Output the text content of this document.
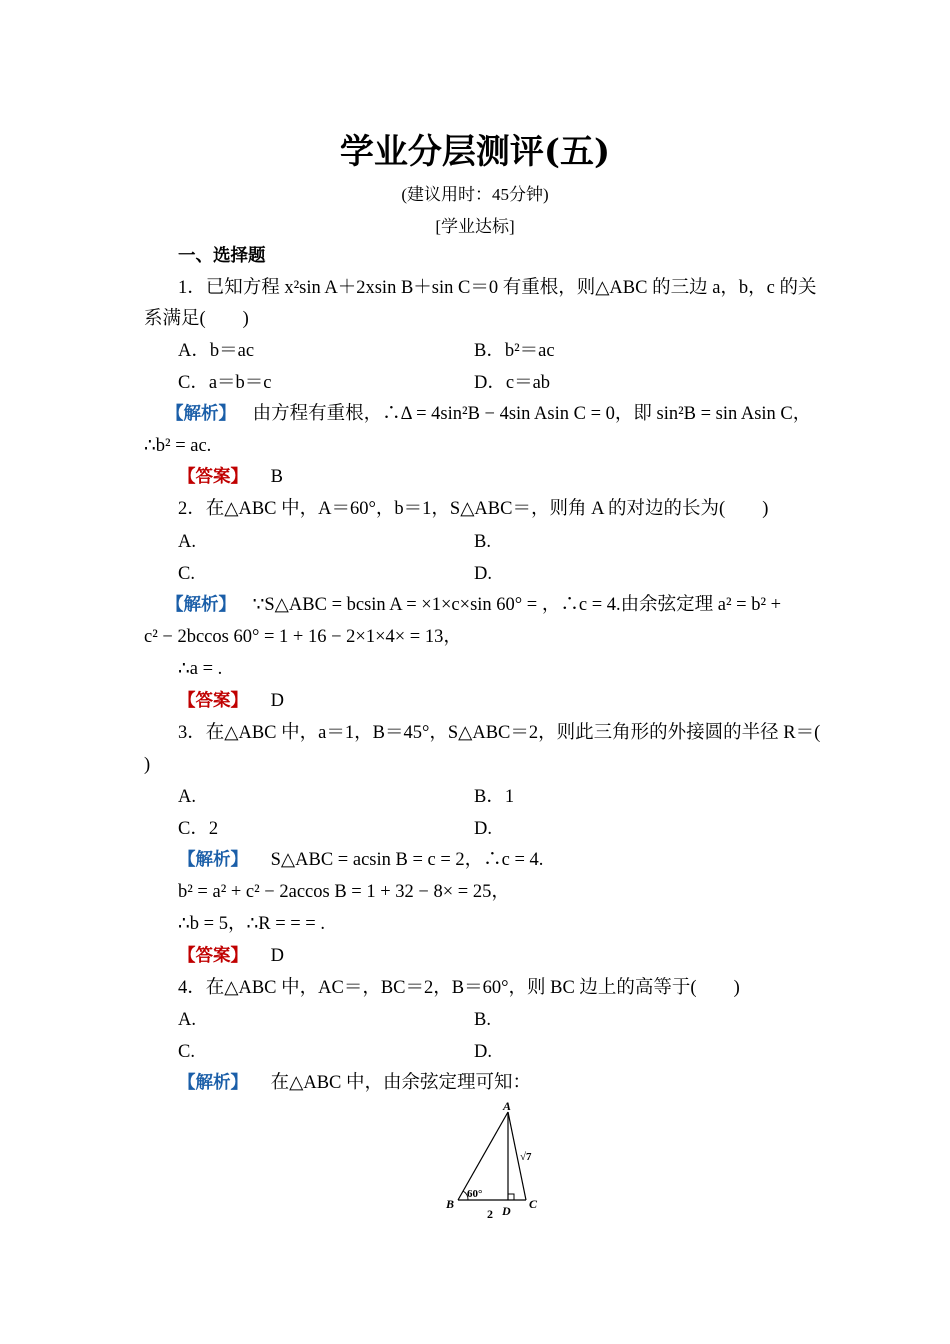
学业分层测评(五)
(建议用时：45分钟)
[学业达标]
一、选择题
1．已知方程 x²sin A＋2xsin B＋sin C＝0 有重根，则△ABC 的三边 a，b，c 的关
系满足(　　)
A．b＝ac	B．b²＝ac
C．a＝b＝c	D．c＝ab
【解析】 由方程有重根，∴Δ = 4sin²B − 4sin Asin C = 0，即 sin²B = sin Asin C，
∴b² = ac.
【答案】 B
2．在△ABC 中，A＝60°，b＝1，S△ABC＝，则角 A 的对边的长为(　　)
A.	B.
C.	D.
【解析】 ∵S△ABC = bcsin A = ×1×c×sin 60° = ，∴c = 4.由余弦定理 a² = b² +
c² − 2bccos 60° = 1 + 16 − 2×1×4× = 13，
∴a = .
【答案】 D
3．在△ABC 中，a＝1，B＝45°，S△ABC＝2，则此三角形的外接圆的半径 R＝(
)
A.	B．1
C．2	D.
【解析】 S△ABC = acsin B = c = 2，∴c = 4.
b² = a² + c² − 2accos B = 1 + 32 − 8× = 25，
∴b = 5，∴R = = = .
【答案】 D
4．在△ABC 中，AC＝，BC＝2，B＝60°，则 BC 边上的高等于(　　)
A.	B.
C.	D.
【解析】 在△ABC 中，由余弦定理可知：
A
B	C
D
60°
2
√7
